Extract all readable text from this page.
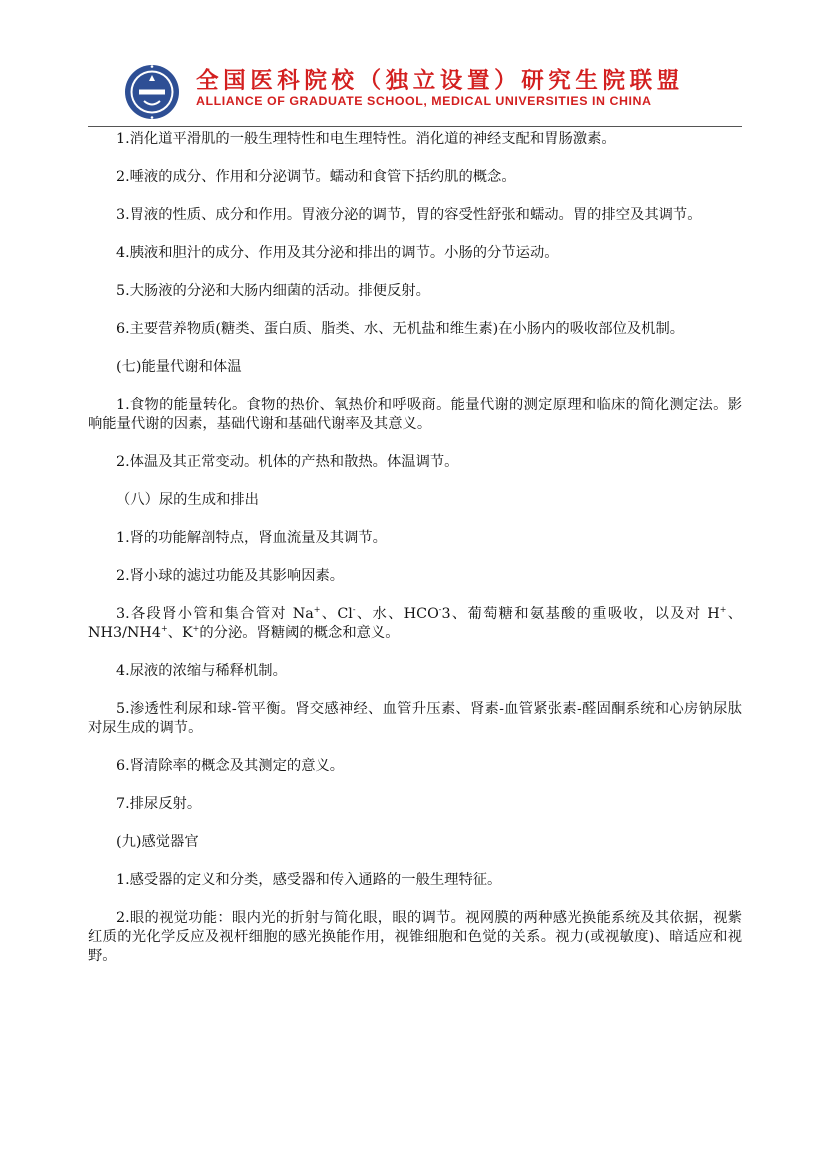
全国医科院校（独立设置）研究生院联盟
ALLIANCE OF GRADUATE SCHOOL, MEDICAL UNIVERSITIES IN CHINA

1.消化道平滑肌的一般生理特性和电生理特性。消化道的神经支配和胃肠激素。

2.唾液的成分、作用和分泌调节。蠕动和食管下括约肌的概念。

3.胃液的性质、成分和作用。胃液分泌的调节，胃的容受性舒张和蠕动。胃的排空及其调节。

4.胰液和胆汁的成分、作用及其分泌和排出的调节。小肠的分节运动。

5.大肠液的分泌和大肠内细菌的活动。排便反射。

6.主要营养物质(糖类、蛋白质、脂类、水、无机盐和维生素)在小肠内的吸收部位及机制。

(七)能量代谢和体温

1.食物的能量转化。食物的热价、氧热价和呼吸商。能量代谢的测定原理和临床的简化测定法。影响能量代谢的因素，基础代谢和基础代谢率及其意义。

2.体温及其正常变动。机体的产热和散热。体温调节。

（八）尿的生成和排出

1.肾的功能解剖特点，肾血流量及其调节。

2.肾小球的滤过功能及其影响因素。

3.各段肾小管和集合管对 Na+、Cl-、水、HCO-3、葡萄糖和氨基酸的重吸收，以及对 H+、NH3/NH4+、K+的分泌。肾糖阈的概念和意义。

4.尿液的浓缩与稀释机制。

5.渗透性利尿和球-管平衡。肾交感神经、血管升压素、肾素-血管紧张素-醛固酮系统和心房钠尿肽对尿生成的调节。

6.肾清除率的概念及其测定的意义。

7.排尿反射。

(九)感觉器官

1.感受器的定义和分类，感受器和传入通路的一般生理特征。

2.眼的视觉功能：眼内光的折射与简化眼，眼的调节。视网膜的两种感光换能系统及其依据，视紫红质的光化学反应及视杆细胞的感光换能作用，视锥细胞和色觉的关系。视力(或视敏度)、暗适应和视野。
